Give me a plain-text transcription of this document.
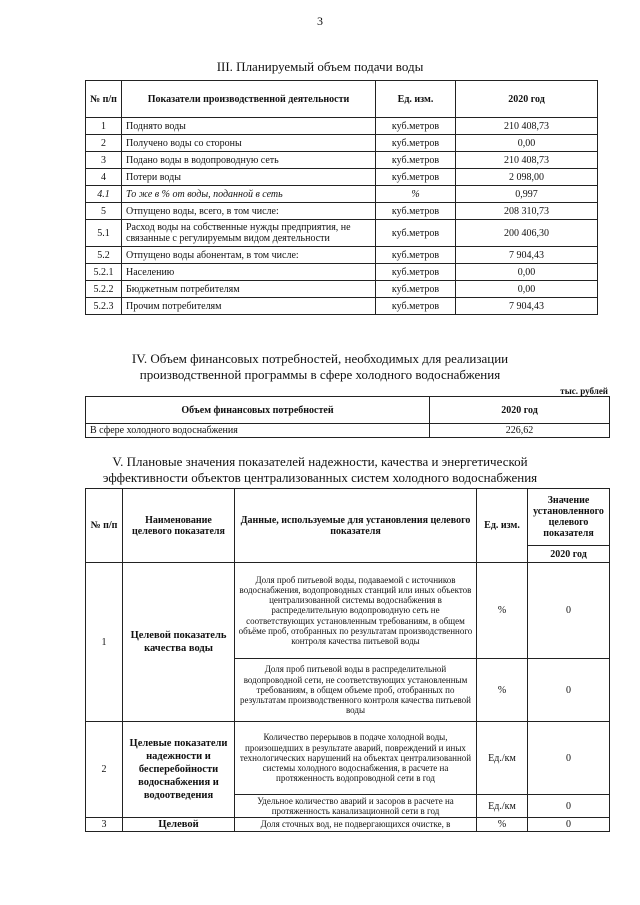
3
III. Планируемый объем подачи воды
№ п/п	Показатели производственной деятельности	Ед. изм.	2020 год
1	Поднято воды	куб.метров	210 408,73
2	Получено воды со стороны	куб.метров	0,00
3	Подано воды в водопроводную сеть	куб.метров	210 408,73
4	Потери воды	куб.метров	2 098,00
4.1	То же в % от воды, поданной в сеть	%	0,997
5	Отпущено воды, всего, в том числе:	куб.метров	208 310,73
5.1	Расход воды на собственные нужды предприятия, не связанные с регулируемым видом деятельности	куб.метров	200 406,30
5.2	Отпущено воды абонентам, в том числе:	куб.метров	7 904,43
5.2.1	Населению	куб.метров	0,00
5.2.2	Бюджетным потребителям	куб.метров	0,00
5.2.3	Прочим потребителям	куб.метров	7 904,43
IV. Объем финансовых потребностей, необходимых для реализации
производственной программы в сфере холодного водоснабжения
тыс. рублей
Объем финансовых потребностей	2020 год
В сфере холодного водоснабжения	226,62
V. Плановые значения показателей надежности, качества и энергетической
эффективности объектов централизованных систем холодного водоснабжения
№ п/п	Наименование целевого показателя	Данные, используемые для установления целевого показателя	Ед. изм.	Значение установленного целевого показателя
				2020 год
1	Целевой показатель качества воды	Доля проб питьевой воды, подаваемой с источников водоснабжения, водопроводных станций или иных объектов централизованной системы водоснабжения в распределительную водопроводную сеть не соответствующих установленным требованиям, в общем объёме проб, отобранных по результатам производственного контроля качества питьевой воды	%	0
		Доля проб питьевой воды в распределительной водопроводной сети, не соответствующих установленным требованиям, в общем объеме проб, отобранных по результатам производственного контроля качества питьевой воды	%	0
2	Целевые показатели надежности и бесперебойности водоснабжения и водоотведения	Количество перерывов в подаче холодной воды, произошедших в результате аварий, повреждений и иных технологических нарушений на объектах централизованной системы холодного водоснабжения, в расчете на протяженность водопроводной сети в год	Ед./км	0
		Удельное количество аварий и засоров в расчете на протяженность канализационной сети в год	Ед./км	0
3	Целевой	Доля сточных вод, не подвергающихся очистке, в	%	0
